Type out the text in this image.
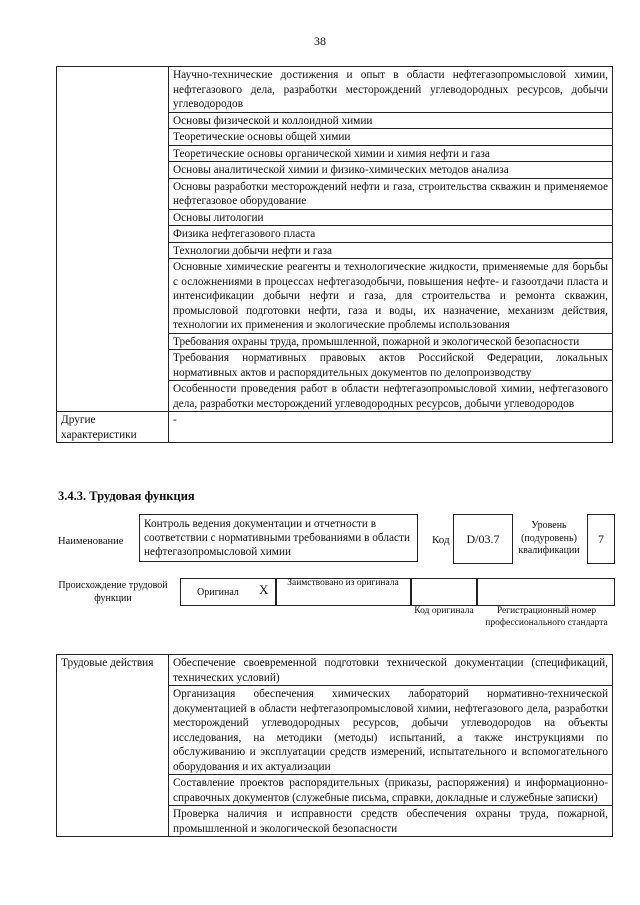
38
	Научно-технические достижения и опыт в области нефтегазопромысловой химии, нефтегазового дела, разработки месторождений углеводородных ресурсов, добычи углеводородов
	Основы физической и коллоидной химии
	Теоретические основы общей химии
	Теоретические основы органической химии и химия нефти и газа
	Основы аналитической химии и физико-химических методов анализа
	Основы разработки месторождений нефти и газа, строительства скважин и применяемое нефтегазовое оборудование
	Основы литологии
	Физика нефтегазового пласта
	Технологии добычи нефти и газа
	Основные химические реагенты и технологические жидкости, применяемые для борьбы с осложнениями в процессах нефтегазодобычи, повышения нефте- и газоотдачи пласта и интенсификации добычи нефти и газа, для строительства и ремонта скважин, промысловой подготовки нефти, газа и воды, их назначение, механизм действия, технологии их применения и экологические проблемы использования
	Требования охраны труда, промышленной, пожарной и экологической безопасности
	Требования нормативных правовых актов Российской Федерации, локальных нормативных актов и распорядительных документов по делопроизводству
	Особенности проведения работ в области нефтегазопромысловой химии, нефтегазового дела, разработки месторождений углеводородных ресурсов, добычи углеводородов
Другие характеристики	-
3.4.3. Трудовая функция
Наименование
Контроль ведения документации и отчетности в соответствии с нормативными требованиями в области нефтегазопромысловой химии
Код	D/03.7
Уровень (подуровень) квалификации
7
Происхождение трудовой функции	Оригинал X	Заимствовано из оригинала
Код оригинала	Регистрационный номер профессионального стандарта
Трудовые действия	Обеспечение своевременной подготовки технической документации (спецификаций, технических условий)
Организация обеспечения химических лабораторий нормативно-технической документацией в области нефтегазопромысловой химии, нефтегазового дела, разработки месторождений углеводородных ресурсов, добычи углеводородов на объекты исследования, на методики (методы) испытаний, а также инструкциями по обслуживанию и эксплуатации средств измерений, испытательного и вспомогательного оборудования и их актуализации
Составление проектов распорядительных (приказы, распоряжения) и информационно-справочных документов (служебные письма, справки, докладные и служебные записки)
Проверка наличия и исправности средств обеспечения охраны труда, пожарной, промышленной и экологической безопасности
